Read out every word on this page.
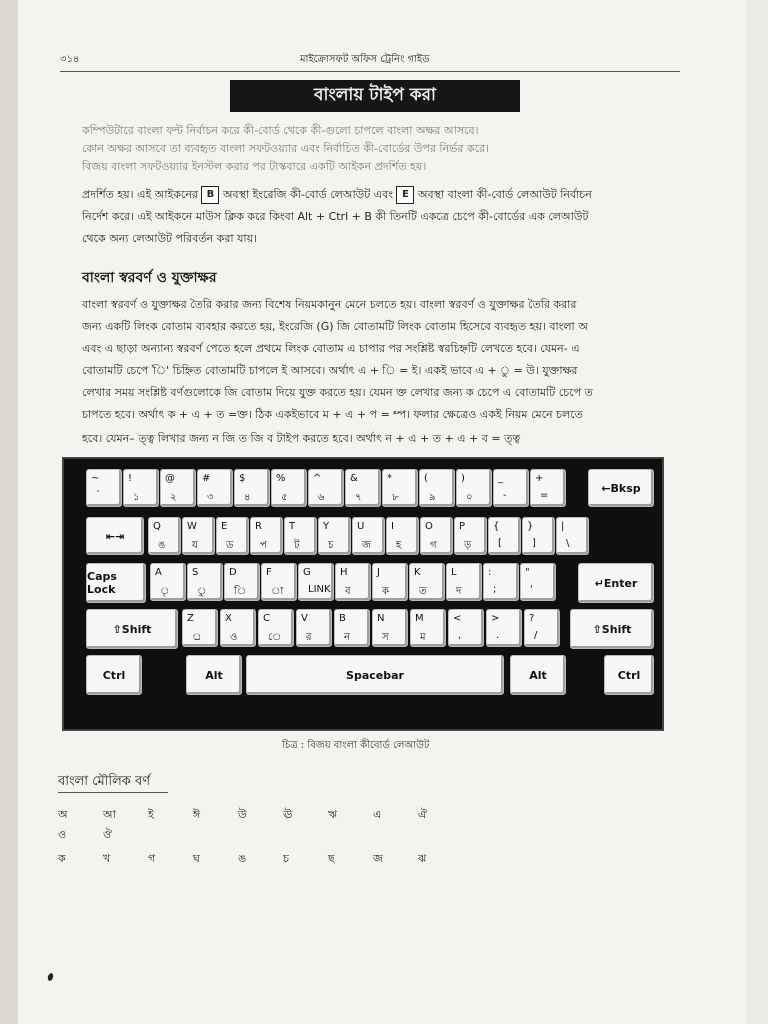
৩১৪	মাইক্রোসফট অফিস ট্রেনিং গাইড
বাংলায় টাইপ করা
কম্পিউটারে বাংলা ফন্ট নির্বাচন করে কী-বোর্ড থেকে কী-গুলো চাপলে বাংলা অক্ষর আসবে।
কোন অক্ষর আসবে তা ব্যবহৃত বাংলা সফটওয়্যার এবং নির্বাচিত কী-বোর্ডের উপর নির্ভর করে।
বিজয় বাংলা সফটওয়্যার ইনস্টল করার পর টাস্কবারে একটি আইকন প্রদর্শিত হয়।
প্রদর্শিত হয়। এই আইকনের B অবস্থা ইংরেজি কী-বোর্ড লেআউট এবং E অবস্থা বাংলা কী-বোর্ড লেআউট নির্বাচন
নির্দেশ করে। এই আইকনে মাউস ক্লিক করে কিংবা Alt + Ctrl + B কী তিনটি একত্রে চেপে কী-বোর্ডের এক লেআউট
থেকে অন্য লেআউট পরিবর্তন করা যায়।
বাংলা স্বরবর্ণ ও যুক্তাক্ষর
বাংলা স্বরবর্ণ ও যুক্তাক্ষর তৈরি করার জন্য বিশেষ নিয়মকানুন মেনে চলতে হয়। বাংলা স্বরবর্ণ ও যুক্তাক্ষর তৈরি করার
জন্য একটি লিংক বোতাম ব্যবহার করতে হয়, ইংরেজি (G) জি বোতামটি লিংক বোতাম হিসেবে ব্যবহৃত হয়। বাংলা অ
এবং এ ছাড়া অন্যান্য স্বরবর্ণ পেতে হলে প্রথমে লিংক বোতাম এ চাপার পর সংশ্লিষ্ট স্বরচিহ্নটি লেখতে হবে। যেমন- এ
বোতামটি চেপে 'ি' চিহ্নিত বোতামটি চাপলে ই আসবে। অর্থাৎ এ + ি = ই। একই ভাবে এ + ু = উ। যুক্তাক্ষর
লেখার সময় সংশ্লিষ্ট বর্ণগুলোকে জি বোতাম দিয়ে যুক্ত করতে হয়। যেমন ক্ত লেখার জন্য ক চেপে এ বোতামটি চেপে ত
চাপতে হবে। অর্থাৎ ক + এ + ত =ক্ত। ঠিক একইভাবে ম + এ + প = ম্প। ফলার ক্ষেত্রেও একই নিয়ম মেনে চলতে
হবে। যেমন– ত্ত্ব লিখার জন্য ন জি ত জি ব টাইপ করতে হবে। অর্থাৎ ন + এ + ত + এ + ব = ত্ত্ব
←Bksp
⇤⇥
Caps Lock	↵Enter
⇧Shift	⇧Shift
Ctrl	Alt	Spacebar	Alt	Ctrl
~
`
!
১
@
২
#
৩
$
৪
%
৫
^
৬
&
৭
*
৮
(
৯
)
০
_
-
+
=
Q
ঙ
W
য
E
ড
R
প
T
ট
Y
চ
U
জ
I
হ
O
গ
P
ড়
{
[
}
]
|
\
A
ৃ
S
ু
D
ি
F
া
G
LINK
H
ব
J
ক
K
ত
L
দ
:
;
"
'
Z
্র
X
ও
C
ে
V
র
B
ন
N
স
M
ম
<
,
>
.
?
/
চিত্র : বিজয় বাংলা কীবোর্ড লেআউট
বাংলা মৌলিক বর্ণ
অ	আ	ই	ঈ	উ	ঊ	ঋ	এ	ঐ
ও	ঔ
ক	খ	গ	ঘ	ঙ	চ	ছ	জ	ঝ
